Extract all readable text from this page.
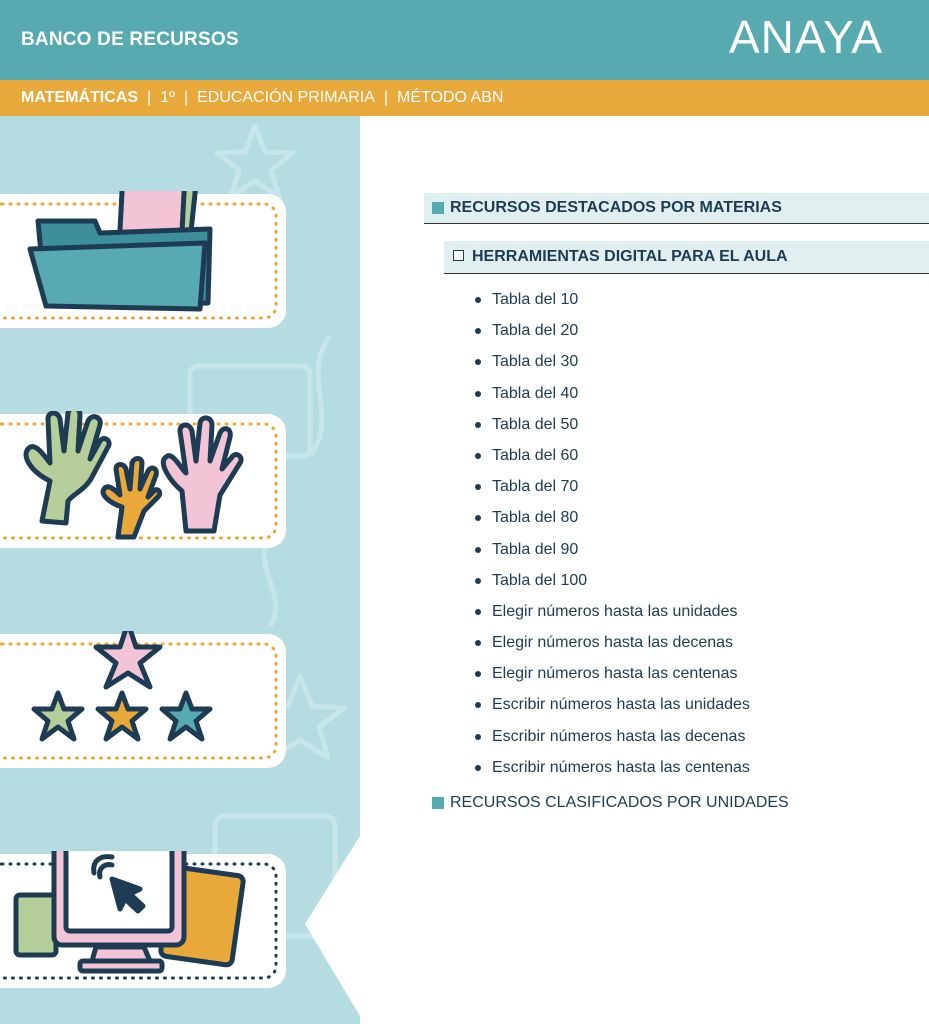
BANCO DE RECURSOS	ANAYA
MATEMÁTICAS | 1º | EDUCACIÓN PRIMARIA | MÉTODO ABN
RECURSOS DESTACADOS POR MATERIAS
HERRAMIENTAS DIGITAL PARA EL AULA
Tabla del 10
Tabla del 20
Tabla del 30
Tabla del 40
Tabla del 50
Tabla del 60
Tabla del 70
Tabla del 80
Tabla del 90
Tabla del 100
Elegir números hasta las unidades
Elegir números hasta las decenas
Elegir números hasta las centenas
Escribir números hasta las unidades
Escribir números hasta las decenas
Escribir números hasta las centenas
RECURSOS CLASIFICADOS POR UNIDADES
